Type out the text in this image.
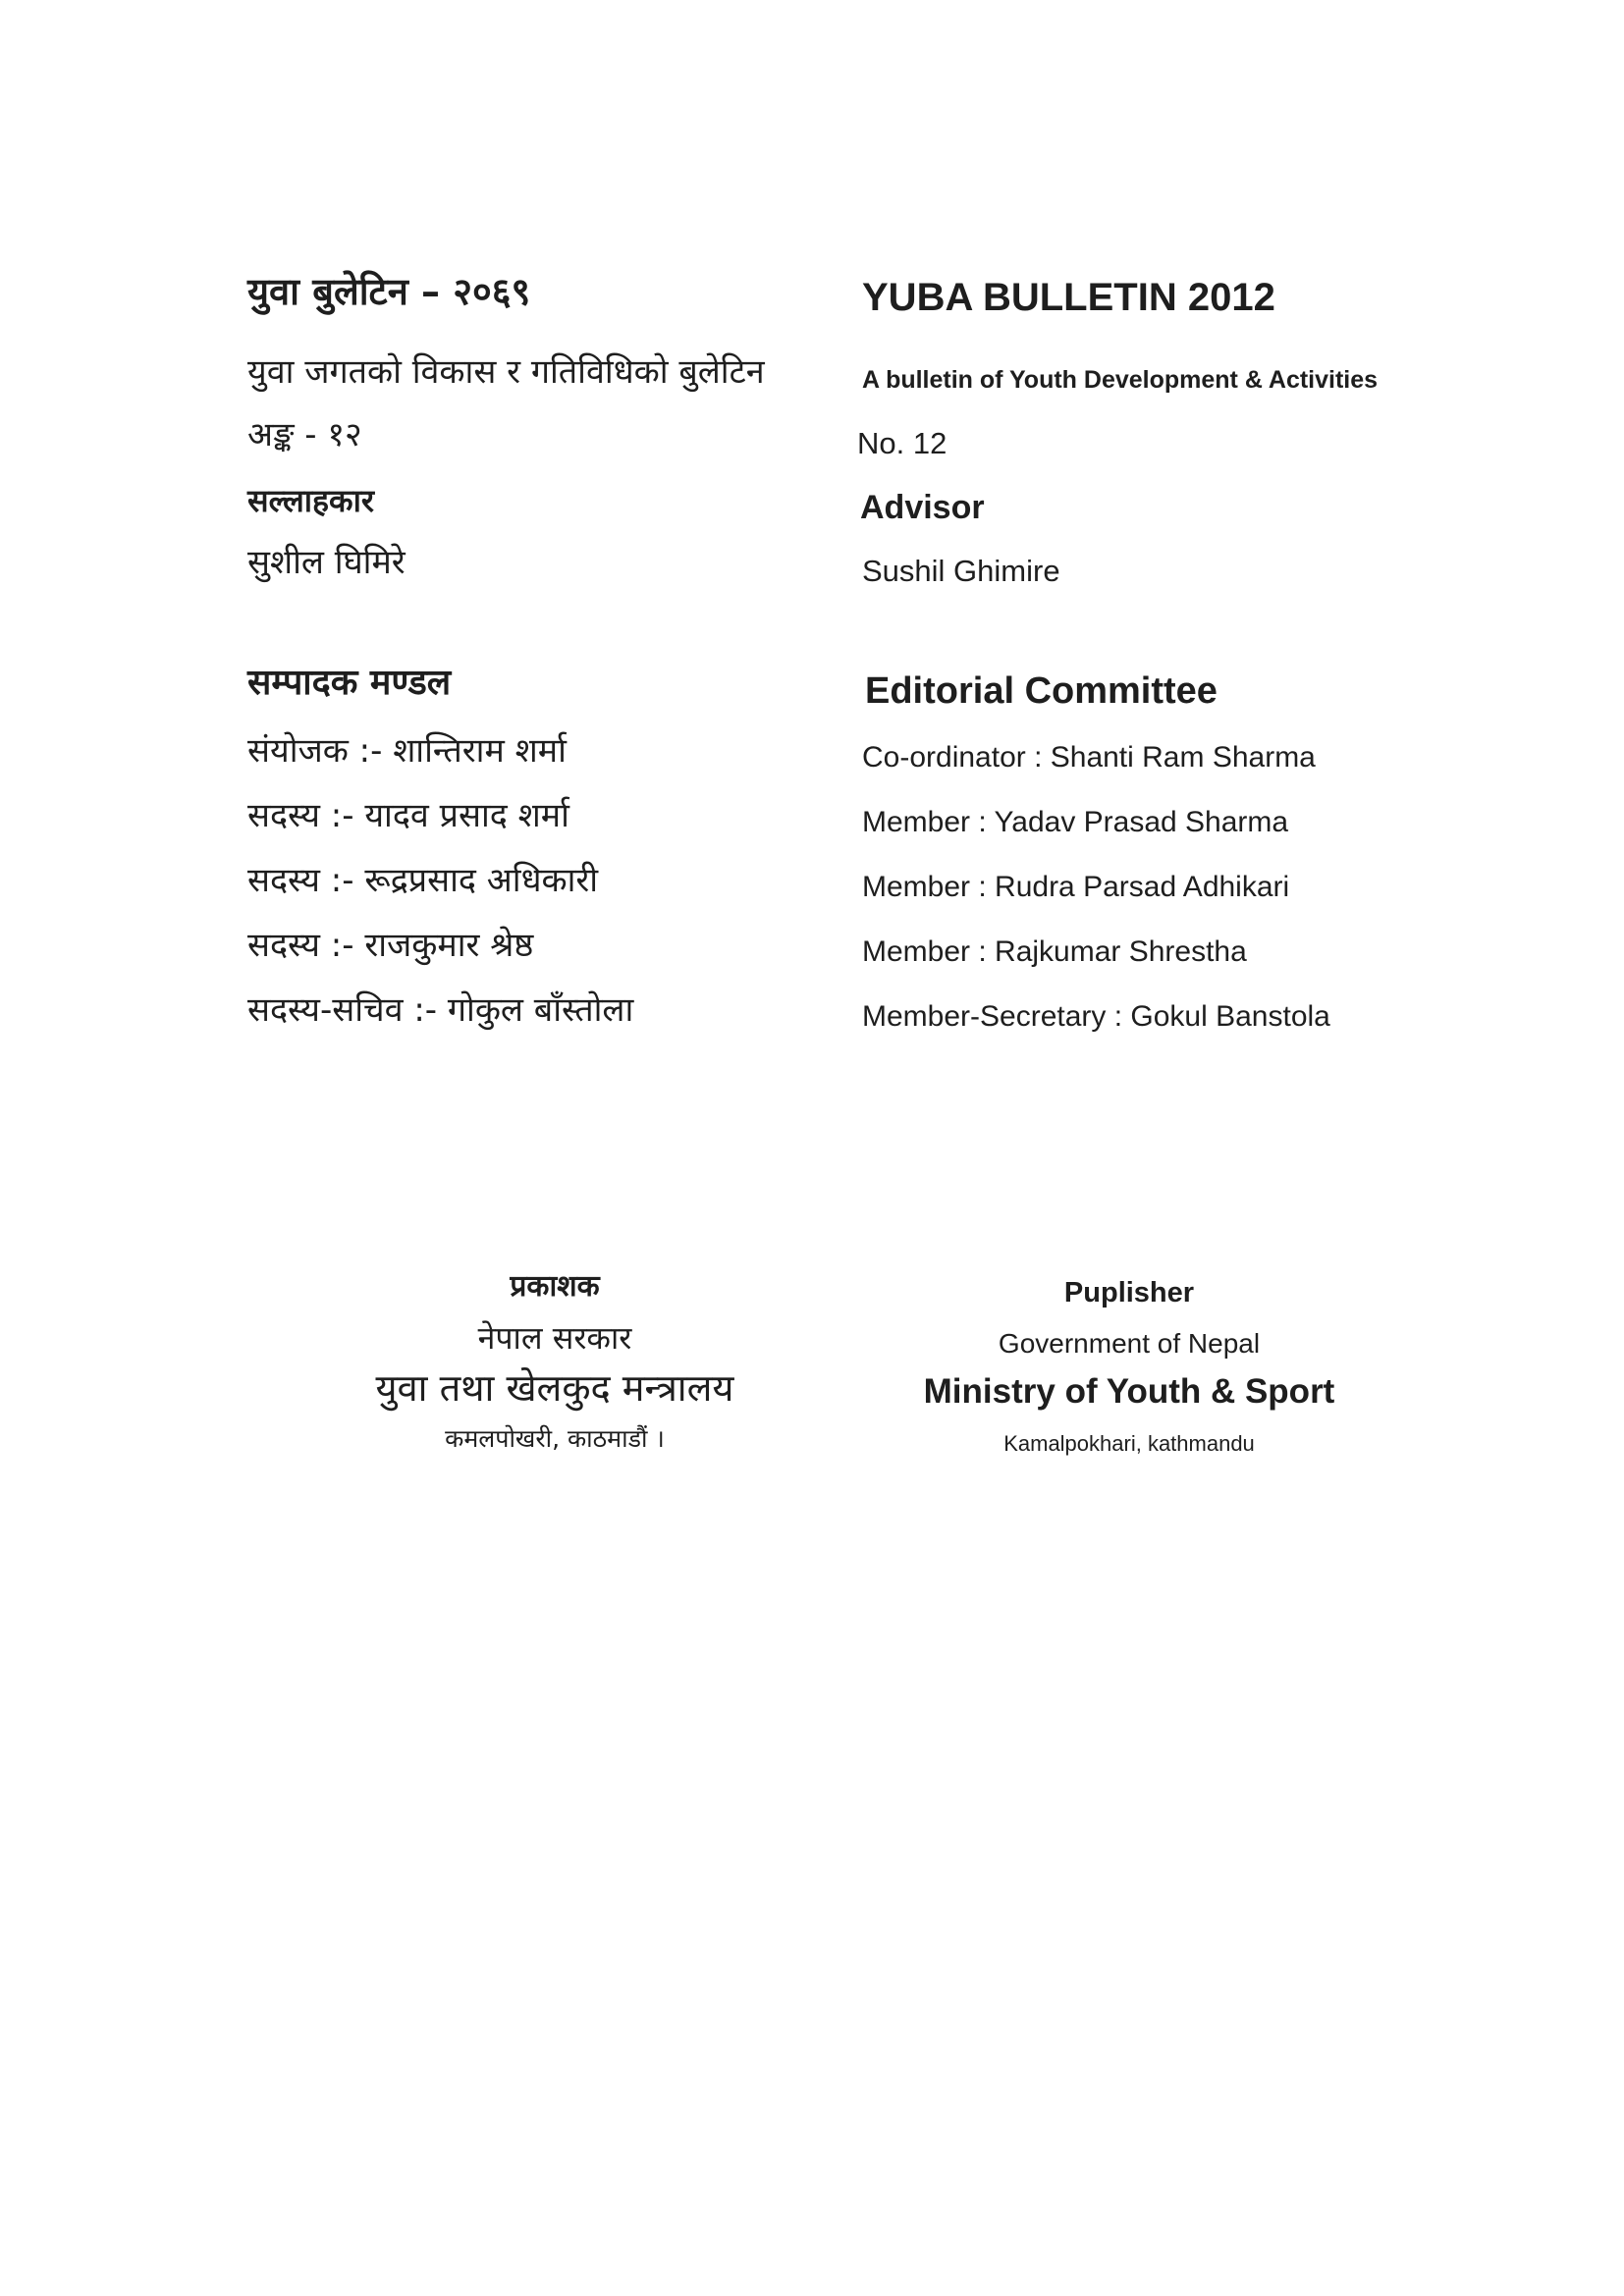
युवा बुलेटिन – २०६९
युवा जगतको विकास र गतिविधिको बुलेटिन
अङ्क - १२
सल्लाहकार
सुशील घिमिरे
सम्पादक मण्डल
संयोजक :- शान्तिराम शर्मा
सदस्य :- यादव प्रसाद शर्मा
सदस्य :- रूद्रप्रसाद अधिकारी
सदस्य :- राजकुमार श्रेष्ठ
सदस्य-सचिव :- गोकुल बाँस्तोला
YUBA BULLETIN 2012
A bulletin of Youth Development & Activities
No. 12
Advisor
Sushil Ghimire
Editorial Committee
Co-ordinator : Shanti Ram Sharma
Member : Yadav Prasad Sharma
Member : Rudra Parsad Adhikari
Member : Rajkumar Shrestha
Member-Secretary : Gokul Banstola
प्रकाशक
नेपाल सरकार
युवा तथा खेलकुद मन्त्रालय
कमलपोखरी, काठमाडौं ।
Puplisher
Government of Nepal
Ministry of Youth & Sport
Kamalpokhari, kathmandu
